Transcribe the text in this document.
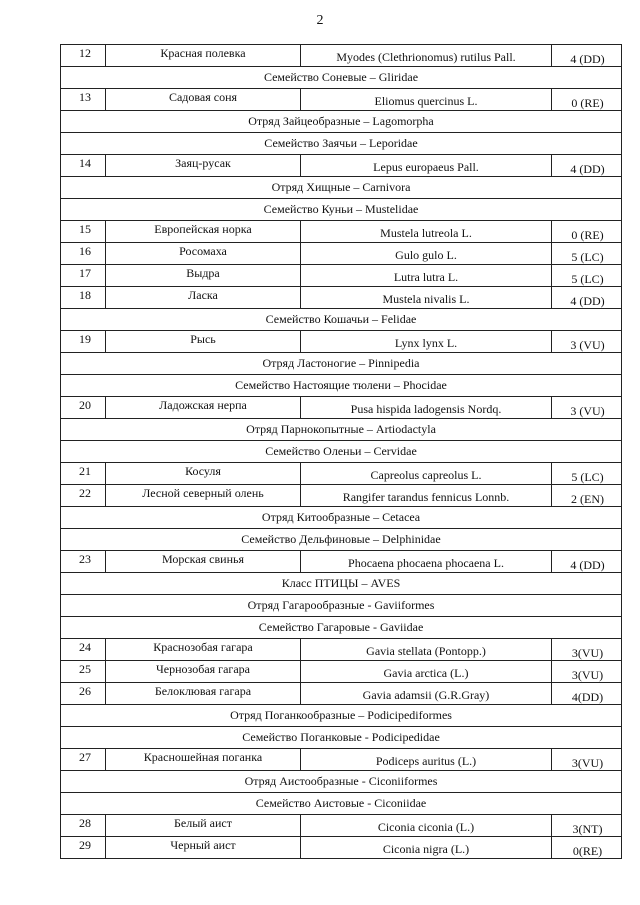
2
12	Красная полевка	Myodes (Clethrionomus) rutilus Pall.	4 (DD)
Семейство Соневые – Gliridae
13	Садовая соня	Eliomus quercinus L.	0 (RE)
Отряд Зайцеобразные – Lagomorpha
Семейство Заячьи – Leporidae
14	Заяц-русак	Lepus europaeus Pall.	4 (DD)
Отряд Хищные – Carnivora
Семейство Куньи – Mustelidae
15	Европейская норка	Mustela lutreola L.	0 (RE)
16	Росомаха	Gulo gulo L.	5 (LC)
17	Выдра	Lutra lutra L.	5 (LC)
18	Ласка	Mustela nivalis L.	4 (DD)
Семейство Кошачьи – Felidae
19	Рысь	Lynx lynx L.	3 (VU)
Отряд Ластоногие – Pinnipedia
Семейство Настоящие тюлени – Phocidae
20	Ладожская нерпа	Pusa hispida ladogensis Nordq.	3 (VU)
Отряд Парнокопытные – Artiodactyla
Семейство Оленьи – Cervidae
21	Косуля	Capreolus capreolus L.	5 (LC)
22	Лесной северный олень	Rangifer tarandus fennicus Lonnb.	2 (EN)
Отряд Китообразные – Cetacea
Семейство Дельфиновые – Delphinidae
23	Морская свинья	Phocaena phocaena phocaena L.	4 (DD)
Класс ПТИЦЫ – AVES
Отряд Гагарообразные - Gaviiformes
Семейство Гагаровые - Gaviidae
24	Краснозобая гагара	Gavia stellata (Pontopp.)	3(VU)
25	Чернозобая гагара	Gavia arctica (L.)	3(VU)
26	Белоклювая гагара	Gavia adamsii (G.R.Gray)	4(DD)
Отряд Поганкообразные – Podicipediformes
Семейство Поганковые - Podicipedidae
27	Красношейная поганка	Podiceps auritus (L.)	3(VU)
Отряд Аистообразные - Ciconiiformes
Семейство Аистовые - Ciconiidae
28	Белый аист	Ciconia ciconia (L.)	3(NT)
29	Черный аист	Ciconia nigra (L.)	0(RE)
